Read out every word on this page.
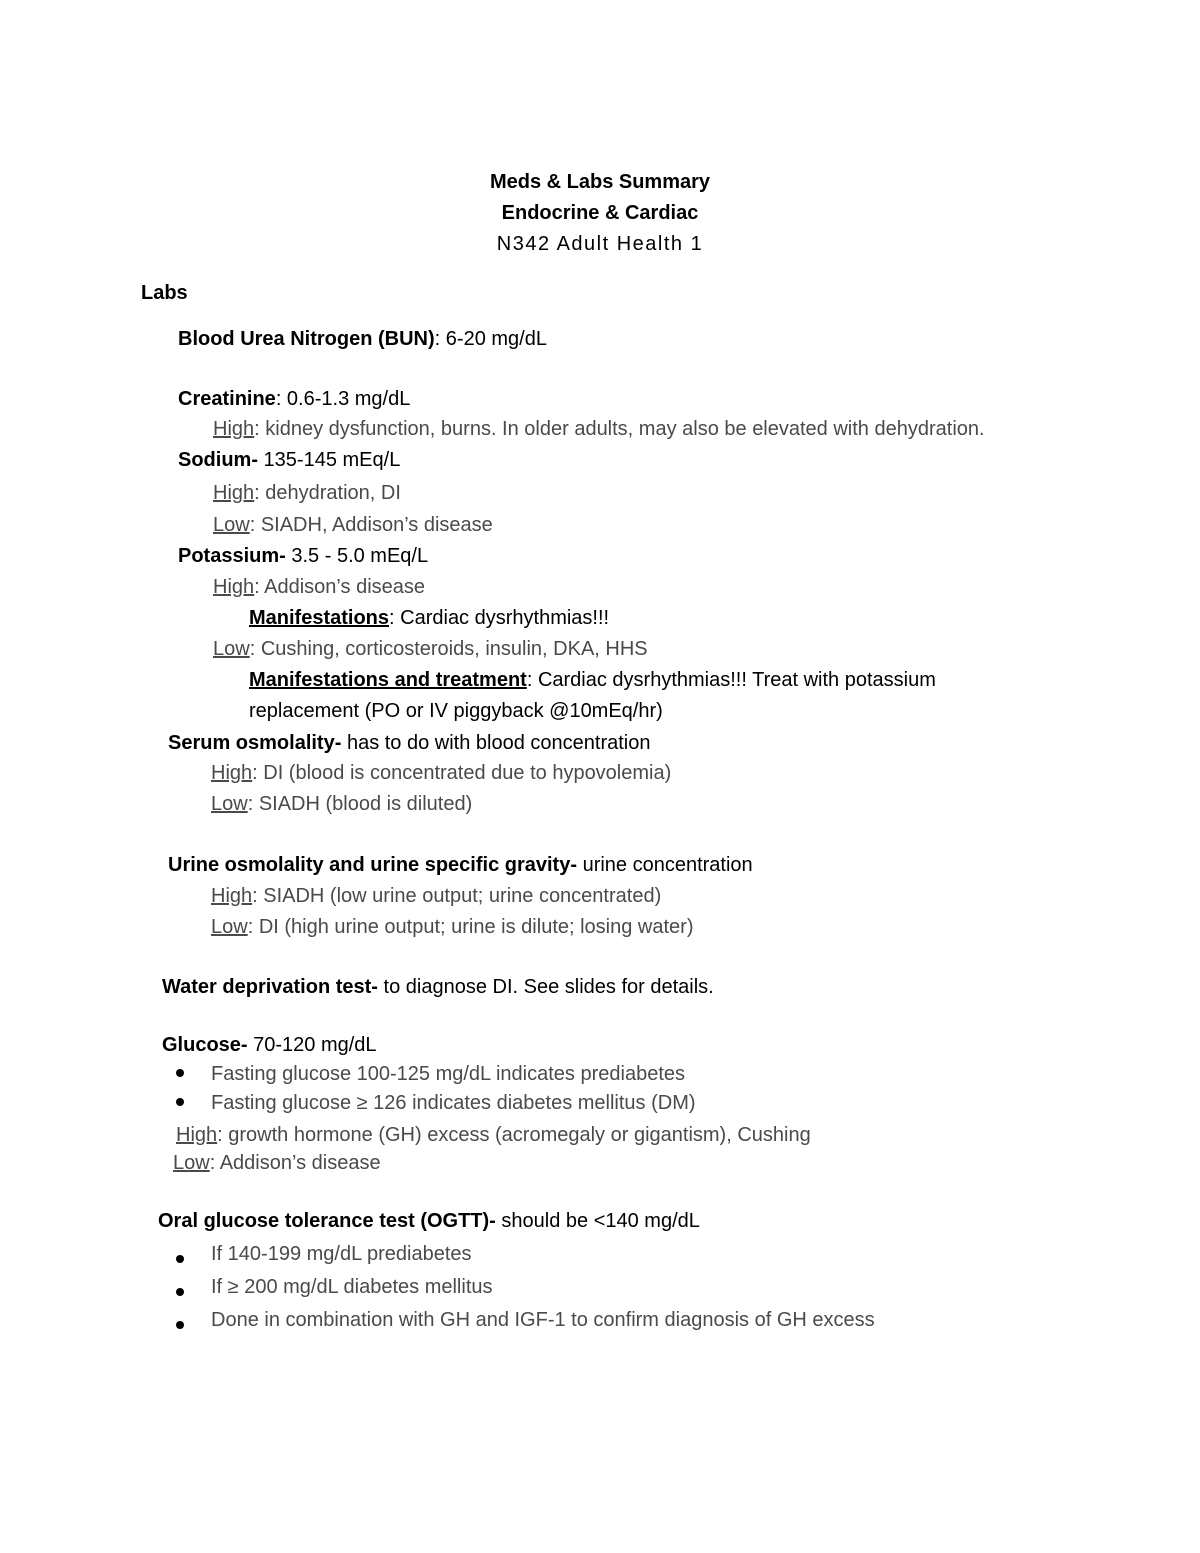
Meds & Labs Summary
Endocrine & Cardiac
N342 Adult Health 1
Labs
Blood Urea Nitrogen (BUN): 6-20 mg/dL
Creatinine: 0.6-1.3 mg/dL
High: kidney dysfunction, burns. In older adults, may also be elevated with dehydration.
Sodium- 135-145 mEq/L
High: dehydration, DI
Low: SIADH, Addison’s disease
Potassium- 3.5 - 5.0 mEq/L
High: Addison’s disease
Manifestations: Cardiac dysrhythmias!!!
Low: Cushing, corticosteroids, insulin, DKA, HHS
Manifestations and treatment: Cardiac dysrhythmias!!! Treat with potassium
replacement (PO or IV piggyback @10mEq/hr)
Serum osmolality- has to do with blood concentration
High: DI (blood is concentrated due to hypovolemia)
Low: SIADH (blood is diluted)
Urine osmolality and urine specific gravity- urine concentration
High: SIADH (low urine output; urine concentrated)
Low: DI (high urine output; urine is dilute; losing water)
Water deprivation test- to diagnose DI. See slides for details.
Glucose- 70-120 mg/dL
Fasting glucose 100-125 mg/dL indicates prediabetes
Fasting glucose ≥ 126 indicates diabetes mellitus (DM)
High: growth hormone (GH) excess (acromegaly or gigantism), Cushing
Low: Addison’s disease
Oral glucose tolerance test (OGTT)- should be <140 mg/dL
If 140-199 mg/dL prediabetes
If ≥ 200 mg/dL diabetes mellitus
Done in combination with GH and IGF-1 to confirm diagnosis of GH excess
